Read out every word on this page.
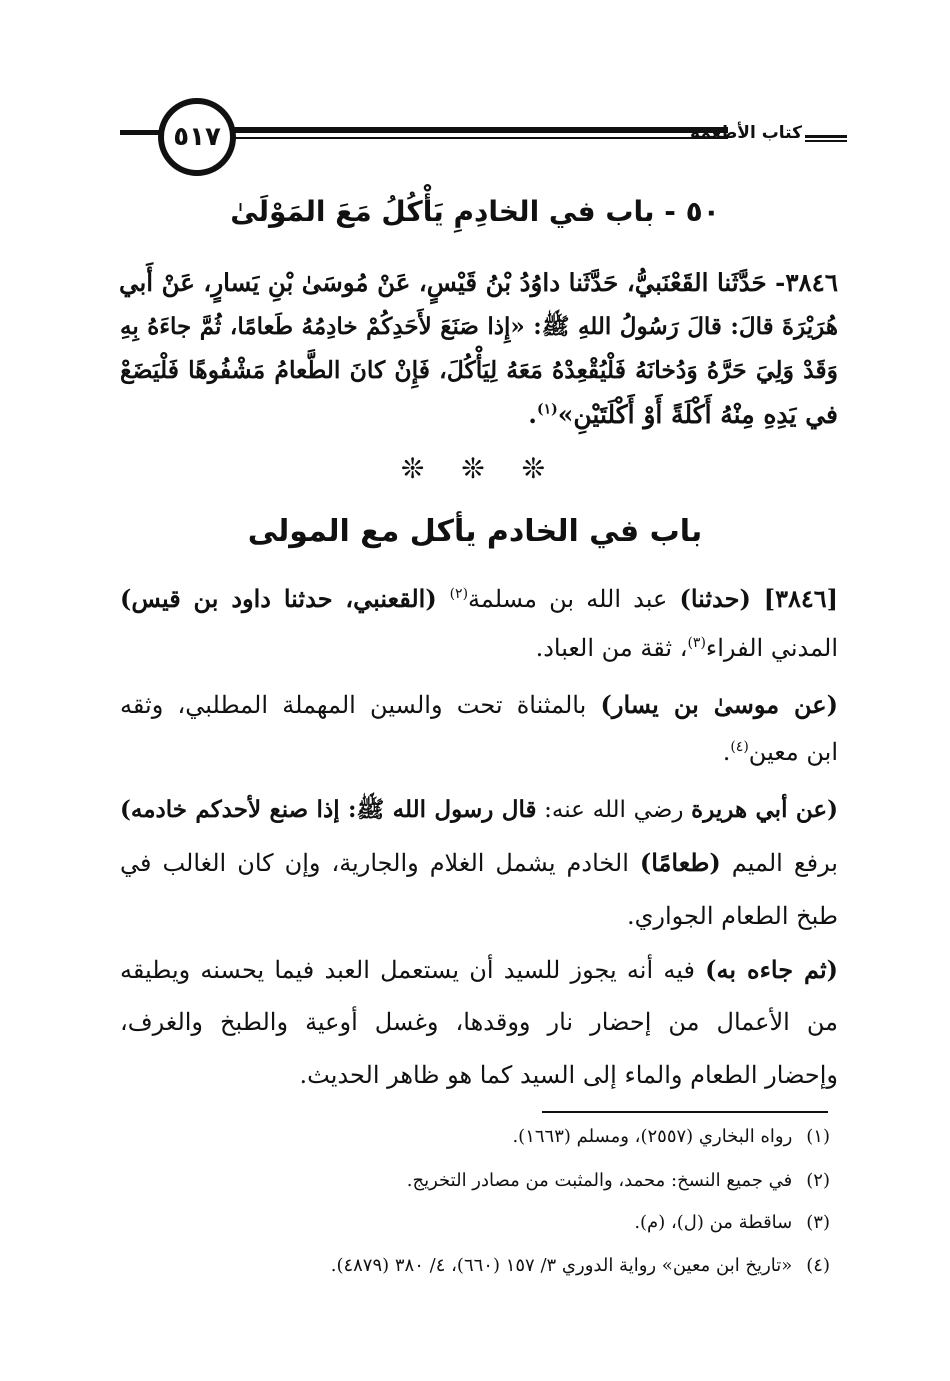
٥١٧	كتاب الأطعمة
٥٠ - باب في الخادِمِ يَأْكُلُ مَعَ المَوْلَىٰ
٣٨٤٦- حَدَّثَنا القَعْنَبيُّ، حَدَّثَنا داوُدُ بْنُ قَيْسٍ، عَنْ مُوسَىٰ بْنِ يَسارٍ، عَنْ أَبي
هُرَيْرَةَ قالَ: قالَ رَسُولُ اللهِ ﷺ: «إِذا صَنَعَ لأَحَدِكُمْ خادِمُهُ طَعامًا، ثُمَّ جاءَهُ بِهِ
وَقَدْ وَلِيَ حَرَّهُ وَدُخانَهُ فَلْيُقْعِدْهُ مَعَهُ لِيَأْكُلَ، فَإِنْ كانَ الطَّعامُ مَشْفُوهًا فَلْيَضَعْ
في يَدِهِ مِنْهُ أَكْلَةً أَوْ أَكْلَتَيْنِ»$^{(١)}$.
❊ ❊ ❊
باب في الخادم يأكل مع المولى
[٣٨٤٦] (حدثنا) عبد الله بن مسلمة$^{(٢)}$ (القعنبي، حدثنا داود بن قيس)
المدني الفراء$^{(٣)}$، ثقة من العباد.
(عن موسىٰ بن يسار) بالمثناة تحت والسين المهملة المطلبي، وثقه
ابن معين$^{(٤)}$.
(عن أبي هريرة رضي الله عنه: قال رسول الله ﷺ: إذا صنع لأحدكم خادمه)
برفع الميم (طعامًا) الخادم يشمل الغلام والجارية، وإن كان الغالب في
طبخ الطعام الجواري.
(ثم جاءه به) فيه أنه يجوز للسيد أن يستعمل العبد فيما يحسنه ويطيقه
من الأعمال من إحضار نار ووقدها، وغسل أوعية والطبخ والغرف،
وإحضار الطعام والماء إلى السيد كما هو ظاهر الحديث.
(١)رواه البخاري (٢٥٥٧)، ومسلم (١٦٦٣).
(٢)في جميع النسخ: محمد، والمثبت من مصادر التخريج.
(٣)ساقطة من (ل)، (م).
(٤)«تاريخ ابن معين» رواية الدوري ٣/ ١٥٧ (٦٦٠)، ٤/ ٣٨٠ (٤٨٧٩).
